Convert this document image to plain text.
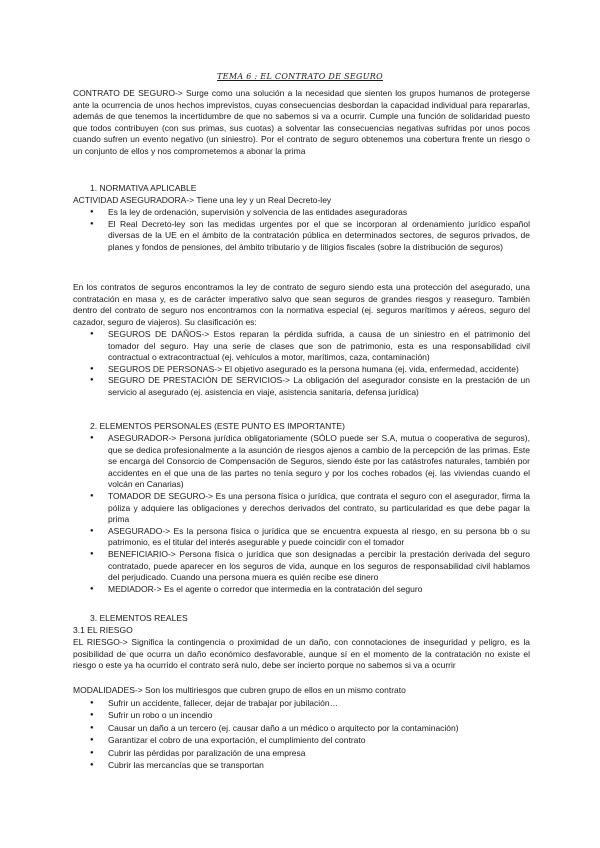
TEMA 6 : EL CONTRATO DE SEGURO
CONTRATO DE SEGURO-> Surge como una solución a la necesidad que sienten los grupos humanos de protegerse ante la ocurrencia de unos hechos imprevistos, cuyas consecuencias desbordan la capacidad individual para repararlas, además de que tenemos la incertidumbre de que no sabemos si va a ocurrir. Cumple una función de solidaridad puesto que todos contribuyen (con sus primas, sus cuotas) a solventar las consecuencias negativas sufridas por unos pocos cuando sufren un evento negativo (un siniestro). Por el contrato de seguro obtenemos una cobertura frente un riesgo o un conjunto de ellos y nos comprometemos a abonar la prima
1. NORMATIVA APLICABLE
ACTIVIDAD ASEGURADORA-> Tiene una ley y un Real Decreto-ley
● Es la ley de ordenación, supervisión y solvencia de las entidades aseguradoras
● El Real Decreto-ley son las medidas urgentes por el que se incorporan al ordenamiento jurídico español diversas de la UE en el ámbito de la contratación pública en determinados sectores, de seguros privados, de planes y fondos de pensiones, del ámbito tributario y de litigios fiscales (sobre la distribución de seguros)
En los contratos de seguros encontramos la ley de contrato de seguro siendo esta una protección del asegurado, una contratación en masa y, es de carácter imperativo salvo que sean seguros de grandes riesgos y reaseguro. También dentro del contrato de seguro nos encontramos con la normativa especial (ej. seguros marítimos y aéreos, seguro del cazador, seguro de viajeros). Su clasificación es:
● SEGUROS DE DAÑOS-> Estos reparan la pérdida sufrida, a causa de un siniestro en el patrimonio del tomador del seguro. Hay una serie de clases que son de patrimonio, esta es una responsabilidad civil contractual o extracontractual (ej. vehículos a motor, marítimos, caza, contaminación)
● SEGUROS DE PERSONAS-> El objetivo asegurado es la persona humana (ej. vida, enfermedad, accidente)
● SEGURO DE PRESTACIÓN DE SERVICIOS-> La obligación del asegurador consiste en la prestación de un servicio al asegurado (ej. asistencia en viaje, asistencia sanitaria, defensa jurídica)
2. ELEMENTOS PERSONALES (ESTE PUNTO ES IMPORTANTE)
● ASEGURADOR-> Persona jurídica obligatoriamente (SÓLO puede ser S.A, mutua o cooperativa de seguros), que se dedica profesionalmente a la asunción de riesgos ajenos a cambio de la percepción de las primas. Este se encarga del Consorcio de Compensación de Seguros, siendo éste por las catástrofes naturales, también por accidentes en el que una de las partes no tenía seguro y por los coches robados (ej. las viviendas cuando el volcán en Canarias)
● TOMADOR DE SEGURO-> Es una persona física o jurídica, que contrata el seguro con el asegurador, firma la póliza y adquiere las obligaciones y derechos derivados del contrato, su particularidad es que debe pagar la prima
● ASEGURADO-> Es la persona física o jurídica que se encuentra expuesta al riesgo, en su persona bb o su patrimonio, es el titular del interés asegurable y puede coincidir con el tomador
● BENEFICIARIO-> Persona física o jurídica que son designadas a percibir la prestación derivada del seguro contratado, puede aparecer en los seguros de vida, aunque en los seguros de responsabilidad civil hablamos del perjudicado. Cuando una persona muera es quién recibe ese dinero
● MEDIADOR-> Es el agente o corredor que intermedia en la contratación del seguro
3. ELEMENTOS REALES
3.1 EL RIESGO
EL RIESGO-> Significa la contingencia o proximidad de un daño, con connotaciones de inseguridad y peligro, es la posibilidad de que ocurra un daño económico desfavorable, aunque sí en el momento de la contratación no existe el riesgo o este ya ha ocurrido el contrato será nulo, debe ser incierto porque no sabemos si va a ocurrir
MODALIDADES-> Son los multiriesgos que cubren grupo de ellos en un mismo contrato
● Sufrir un accidente, fallecer, dejar de trabajar por jubilación…
● Sufrir un robo o un incendio
● Causar un daño a un tercero (ej. causar daño a un médico o arquitecto por la contaminación)
● Garantizar el cobro de una exportación, el cumplimiento del contrato
● Cubrir las pérdidas por paralización de una empresa
● Cubrir las mercancías que se transportan
